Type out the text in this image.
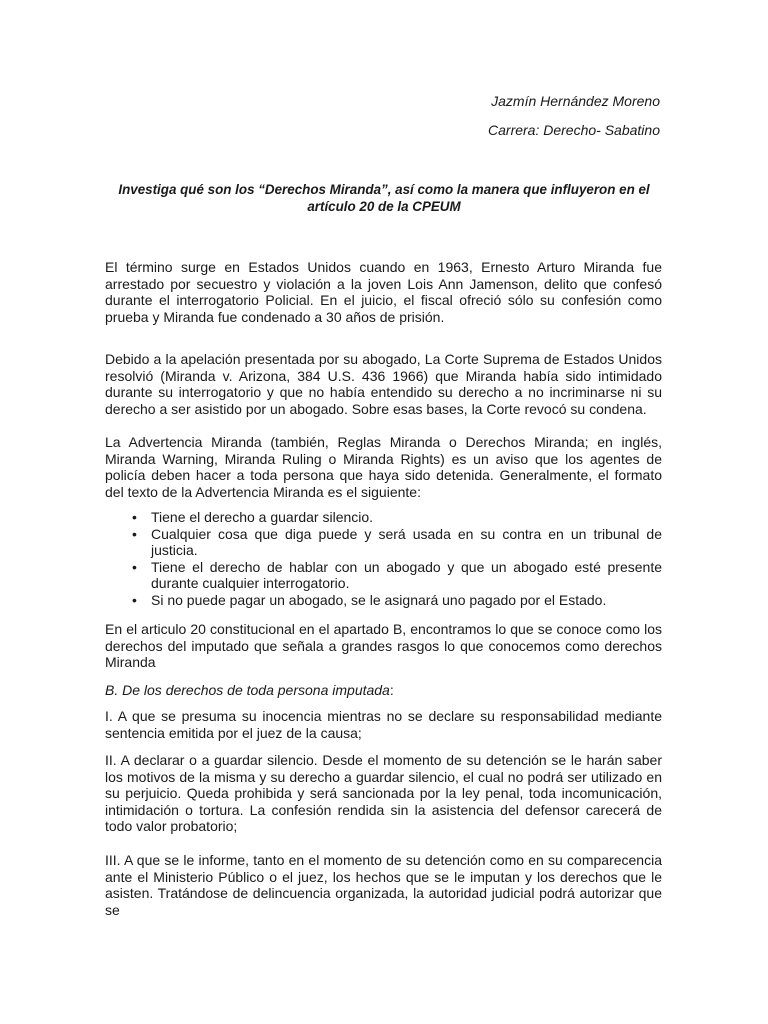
Jazmín Hernández Moreno
Carrera: Derecho- Sabatino
Investiga qué son los “Derechos Miranda”, así como la manera que influyeron en el artículo 20 de la CPEUM

El término surge en Estados Unidos cuando en 1963, Ernesto Arturo Miranda fue arrestado por secuestro y violación a la joven Lois Ann Jamenson, delito que confesó durante el interrogatorio Policial. En el juicio, el fiscal ofreció sólo su confesión como prueba y Miranda fue condenado a 30 años de prisión.

Debido a la apelación presentada por su abogado, La Corte Suprema de Estados Unidos resolvió (Miranda v. Arizona, 384 U.S. 436 1966) que Miranda había sido intimidado durante su interrogatorio y que no había entendido su derecho a no incriminarse ni su derecho a ser asistido por un abogado. Sobre esas bases, la Corte revocó su condena.

La Advertencia Miranda (también, Reglas Miranda o Derechos Miranda; en inglés, Miranda Warning, Miranda Ruling o Miranda Rights) es un aviso que los agentes de policía deben hacer a toda persona que haya sido detenida. Generalmente, el formato del texto de la Advertencia Miranda es el siguiente:

• Tiene el derecho a guardar silencio.
• Cualquier cosa que diga puede y será usada en su contra en un tribunal de justicia.
• Tiene el derecho de hablar con un abogado y que un abogado esté presente durante cualquier interrogatorio.
• Si no puede pagar un abogado, se le asignará uno pagado por el Estado.

En el articulo 20 constitucional en el apartado B, encontramos lo que se conoce como los derechos del imputado que señala a grandes rasgos lo que conocemos como derechos Miranda

B. De los derechos de toda persona imputada:

I. A que se presuma su inocencia mientras no se declare su responsabilidad mediante sentencia emitida por el juez de la causa;

II. A declarar o a guardar silencio. Desde el momento de su detención se le harán saber los motivos de la misma y su derecho a guardar silencio, el cual no podrá ser utilizado en su perjuicio. Queda prohibida y será sancionada por la ley penal, toda incomunicación, intimidación o tortura. La confesión rendida sin la asistencia del defensor carecerá de todo valor probatorio;

III. A que se le informe, tanto en el momento de su detención como en su comparecencia ante el Ministerio Público o el juez, los hechos que se le imputan y los derechos que le asisten. Tratándose de delincuencia organizada, la autoridad judicial podrá autorizar que se
